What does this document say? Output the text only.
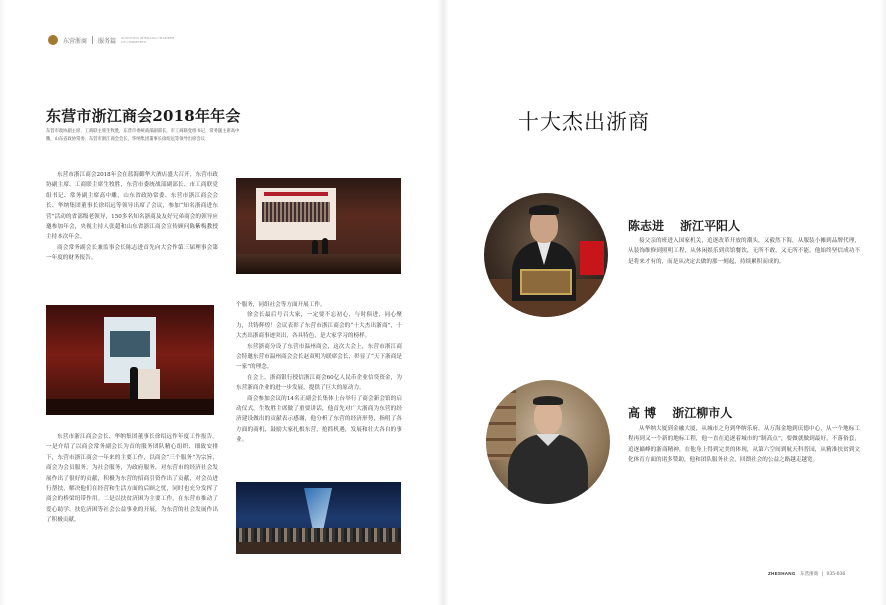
东营浙商 服务篇 DONGYING ZHEJIANG CHAMBER OF COMMERCE
东营市浙江商会2018年年会
东营市政协副主席、工商联主席生牧胜，东营市委统战部副部长，市工商联党组书记、常务副主席高中雕，山东省政协常委、东营市浙江商会会长、华纳集团董事长徐绍远等领导出席会议

东营市浙江商会2018年会在蓝海御华大酒店盛大召开，东营市政协副主席、工商联主席生牧胜，东营市委统战部副部长、市工商联党组书记、常务副主席高中雕，山东省政协常委、东营市浙江商会会长、华纳集团董事长徐绍远等领导出席了会议，参加“知名浙商进东营”活动的省部级老领导，150多名知名浙商及友好兄弟商会的领导应邀参加年会，央视主持人张超和山东省浙江商会宣传顾问陈紫梅教授主持本次年会。

商会常务副会长兼监事会长陈志进首先向大会作第三届理事会第一年度的财务报告。

东营市浙江商会会长、华纳集团董事长徐绍远作年度工作报告。一是介绍了以商会常务副会长为首的服务团队精心组织、细致安排下，东营市浙江商会一年来的主要工作，以商会“三个服务”为宗旨，商会为会员服务，为社会服务，为政府服务，对东营市的经济社会发展作出了很好的贡献，积极为东营的招商引资作出了贡献，对会员进行帮扶，解决他们在经营和生活方面的后顾之忧，同时也充分发挥了商会的桥梁纽带作用。二是以扶贫济困为主要工作，在东营市推动了爱心助学、扶危济困等社会公益事业的开展，为东营的社会发展作出了积极贡献。

个服务，同组社会等方面开展工作。

徐会长最后号召大家，一定要不忘初心，与时俱进，同心聚力，共铸辉煌！会议表彰了东营市浙江商会的“十大杰出浙商”，十大杰出浙商事迹突出，各具特色，是大家学习的榜样。

东营浙商分设了东营市温州商会，这次大会上，东营市浙江商会特邀东营市温州商会会长赵双明为联席会长，彰显了“天下浙商是一家”的理念。

在会上，浙商银行授信浙江商会60亿人民币企业信贷资金，为东营浙商企业的进一步发展，提供了巨大的原动力。

商会参加会议的14名正副会长集体上台举行了商会新会馆的启动仪式，生牧胜主席做了重要讲话，他首先对广大浙商为东营的经济建设做出的贡献表示感谢，他分析了东营的经济形势，指明了各方面的商机，鼓励大家扎根东营，抢抓机遇，发展和壮大各自的事业。

十大杰出浙商
陈志进 浙江平阳人

接父亲的班进入国家机关，追逐改革开放的潮头，又毅然下海，从服装小摊到品牌代理，从装饰维修到照明工程，从休闲娱乐到宾馆餐饮，无所不敢，又无所不能，他始终坚信成功不是将来才有的，而是从决定去做的那一刻起，持续累积而成的。

高 博 浙江柳市人

从华纳大厦到金融大厦，从城市之舟到华纳乐府，从万海金地到庆德中心，从一个地标工程再到又一个新的地标工程，他一直在追逐着城市的“制高点”，要做就做到最好，不落俗套，追逐巅峰的浙商精神，在他身上得到完美的体现，从第六空间到航天科普园，从精准扶贫到文化体育方面的诸多赞助，他和团队服务社会，回馈社会的公益之路越走越宽。

ZHESHANG 东营浙商 | 035-036
